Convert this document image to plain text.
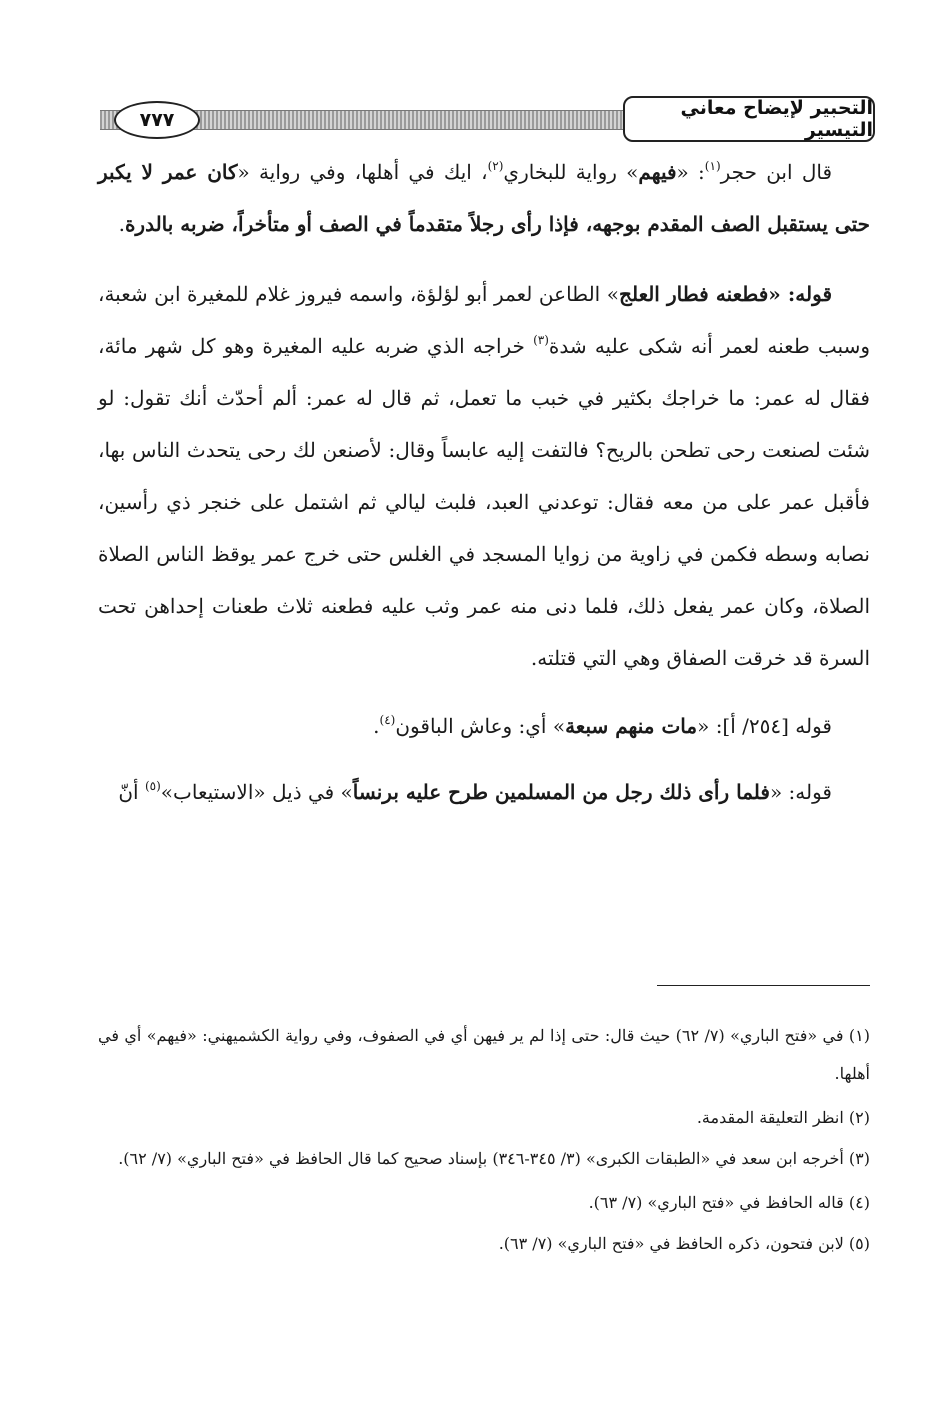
٧٧٧
التحبير لإيضاح معاني التيسير

قال ابن حجر$^{(١)}$: «فيهم» رواية للبخاري$^{(٢)}$، ايك في أهلها، وفي رواية «كان عمر لا يكبر حتى يستقبل الصف المقدم بوجهه، فإذا رأى رجلاً متقدماً في الصف أو متأخراً، ضربه بالدرة.

قوله: «فطعنه فطار العلج» الطاعن لعمر أبو لؤلؤة، واسمه فيروز غلام للمغيرة ابن شعبة، وسبب طعنه لعمر أنه شكى عليه شدة$^{(٣)}$ خراجه الذي ضربه عليه المغيرة وهو كل شهر مائة، فقال له عمر: ما خراجك بكثير في خبب ما تعمل، ثم قال له عمر: ألم أحدّث أنك تقول: لو شئت لصنعت رحى تطحن بالريح؟ فالتفت إليه عابساً وقال: لأصنعن لك رحى يتحدث الناس بها، فأقبل عمر على من معه فقال: توعدني العبد، فلبث ليالي ثم اشتمل على خنجر ذي رأسين، نصابه وسطه فكمن في زاوية من زوايا المسجد في الغلس حتى خرج عمر يوقظ الناس الصلاة الصلاة، وكان عمر يفعل ذلك، فلما دنى منه عمر وثب عليه فطعنه ثلاث طعنات إحداهن تحت السرة قد خرقت الصفاق وهي التي قتلته.

قوله [٢٥٤/ أ]: «مات منهم سبعة» أي: وعاش الباقون$^{(٤)}$.

قوله: «فلما رأى ذلك رجل من المسلمين طرح عليه برنساً» في ذيل «الاستيعاب»$^{(٥)}$ أنّ

(١) في «فتح الباري» (٧/ ٦٢) حيث قال: حتى إذا لم ير فيهن أي في الصفوف، وفي رواية الكشميهني: «فيهم» أي في أهلها.

(٢) انظر التعليقة المقدمة.

(٣) أخرجه ابن سعد في «الطبقات الكبرى» (٣/ ٣٤٥-٣٤٦) بإسناد صحيح كما قال الحافظ في «فتح الباري» (٧/ ٦٢).

(٤) قاله الحافظ في «فتح الباري» (٧/ ٦٣).

(٥) لابن فتحون، ذكره الحافظ في «فتح الباري» (٧/ ٦٣).
